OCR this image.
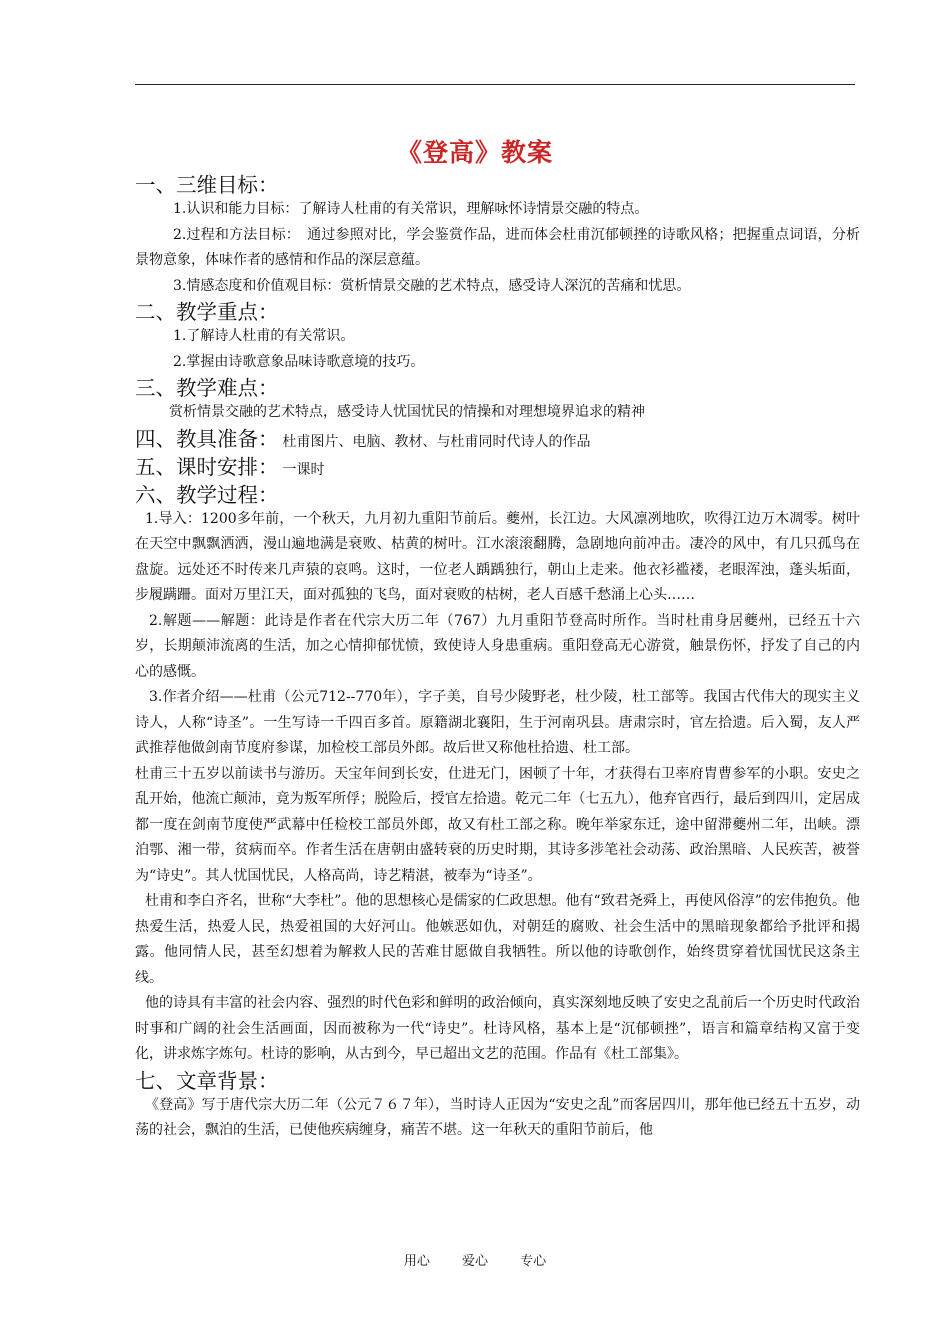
《登高》教案
一、三维目标：

1.认识和能力目标：了解诗人杜甫的有关常识，理解咏怀诗情景交融的特点。

2.过程和方法目标：　通过参照对比，学会鉴赏作品，进而体会杜甫沉郁顿挫的诗歌风格；把握重点词语，分析景物意象，体味作者的感情和作品的深层意蕴。

3.情感态度和价值观目标：赏析情景交融的艺术特点，感受诗人深沉的苦痛和忧思。

二、教学重点：

1.了解诗人杜甫的有关常识。

2.掌握由诗歌意象品味诗歌意境的技巧。

三、教学难点：

赏析情景交融的艺术特点，感受诗人忧国忧民的情操和对理想境界追求的精神

四、教具准备： 杜甫图片、电脑、教材、与杜甫同时代诗人的作品
五、课时安排： 一课时
六、教学过程：

1.导入：1200多年前，一个秋天，九月初九重阳节前后。夔州，长江边。大风凛冽地吹，吹得江边万木凋零。树叶在天空中飘飘洒洒，漫山遍地满是衰败、枯黄的树叶。江水滚滚翻腾，急剧地向前冲击。凄冷的风中，有几只孤鸟在盘旋。远处还不时传来几声猿的哀鸣。这时，一位老人踽踽独行，朝山上走来。他衣衫褴褛，老眼浑浊，蓬头垢面，步履蹒跚。面对万里江天，面对孤独的飞鸟，面对衰败的枯树，老人百感千愁涌上心头……

2.解题——解题：此诗是作者在代宗大历二年（767）九月重阳节登高时所作。当时杜甫身居夔州，已经五十六岁，长期颠沛流离的生活，加之心情抑郁忧愤，致使诗人身患重病。重阳登高无心游赏，触景伤怀，抒发了自己的内心的感慨。

3.作者介绍——杜甫（公元712--770年），字子美，自号少陵野老，杜少陵，杜工部等。我国古代伟大的现实主义诗人，人称“诗圣”。一生写诗一千四百多首。原籍湖北襄阳，生于河南巩县。唐肃宗时，官左拾遗。后入蜀，友人严武推荐他做剑南节度府参谋，加检校工部员外郎。故后世又称他杜拾遗、杜工部。

杜甫三十五岁以前读书与游历。天宝年间到长安，仕进无门，困顿了十年，才获得右卫率府胄曹参军的小职。安史之乱开始，他流亡颠沛，竟为叛军所俘；脱险后，授官左拾遗。乾元二年（七五九），他弃官西行，最后到四川，定居成都一度在剑南节度使严武幕中任检校工部员外郎，故又有杜工部之称。晚年举家东迁，途中留滞夔州二年，出峡。漂泊鄂、湘一带，贫病而卒。作者生活在唐朝由盛转衰的历史时期，其诗多涉笔社会动荡、政治黑暗、人民疾苦，被誉为“诗史”。其人忧国忧民，人格高尚，诗艺精湛，被奉为“诗圣”。

杜甫和李白齐名，世称“大李杜”。他的思想核心是儒家的仁政思想。他有“致君尧舜上，再使风俗淳”的宏伟抱负。他热爱生活，热爱人民，热爱祖国的大好河山。他嫉恶如仇，对朝廷的腐败、社会生活中的黑暗现象都给予批评和揭露。他同情人民，甚至幻想着为解救人民的苦难甘愿做自我牺牲。所以他的诗歌创作，始终贯穿着忧国忧民这条主线。

他的诗具有丰富的社会内容、强烈的时代色彩和鲜明的政治倾向，真实深刻地反映了安史之乱前后一个历史时代政治时事和广阔的社会生活画面，因而被称为一代“诗史”。杜诗风格，基本上是“沉郁顿挫”，语言和篇章结构又富于变化，讲求炼字炼句。杜诗的影响，从古到今，早已超出文艺的范围。作品有《杜工部集》。

七、文章背景：

《登高》写于唐代宗大历二年（公元７６７年），当时诗人正因为“安史之乱”而客居四川，那年他已经五十五岁，动荡的社会，飘泊的生活，已使他疾病缠身，痛苦不堪。这一年秋天的重阳节前后，他

用心 爱心 专心
